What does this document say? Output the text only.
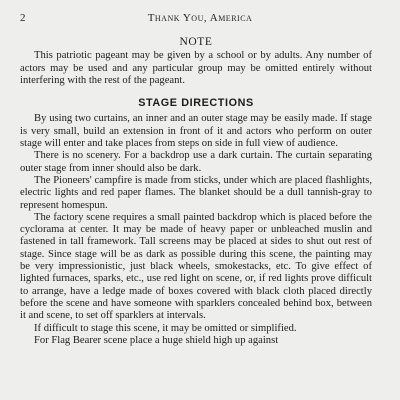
2	Thank You, America
NOTE

This patriotic pageant may be given by a school or by adults. Any number of actors may be used and any particular group may be omitted entirely without interfering with the rest of the pageant.

STAGE DIRECTIONS

By using two curtains, an inner and an outer stage may be easily made. If stage is very small, build an extension in front of it and actors who perform on outer stage will enter and take places from steps on side in full view of audience.

There is no scenery. For a backdrop use a dark curtain. The curtain separating outer stage from inner should also be dark.

The Pioneers' campfire is made from sticks, under which are placed flashlights, electric lights and red paper flames. The blanket should be a dull tannish-gray to represent homespun.

The factory scene requires a small painted backdrop which is placed before the cyclorama at center. It may be made of heavy paper or unbleached muslin and fastened in tall framework. Tall screens may be placed at sides to shut out rest of stage. Since stage will be as dark as possible during this scene, the painting may be very impressionistic, just black wheels, smokestacks, etc. To give effect of lighted furnaces, sparks, etc., use red light on scene, or, if red lights prove difficult to arrange, have a ledge made of boxes covered with black cloth placed directly before the scene and have someone with sparklers concealed behind box, between it and scene, to set off sparklers at intervals.

If difficult to stage this scene, it may be omitted or simplified.

For Flag Bearer scene place a huge shield high up against
